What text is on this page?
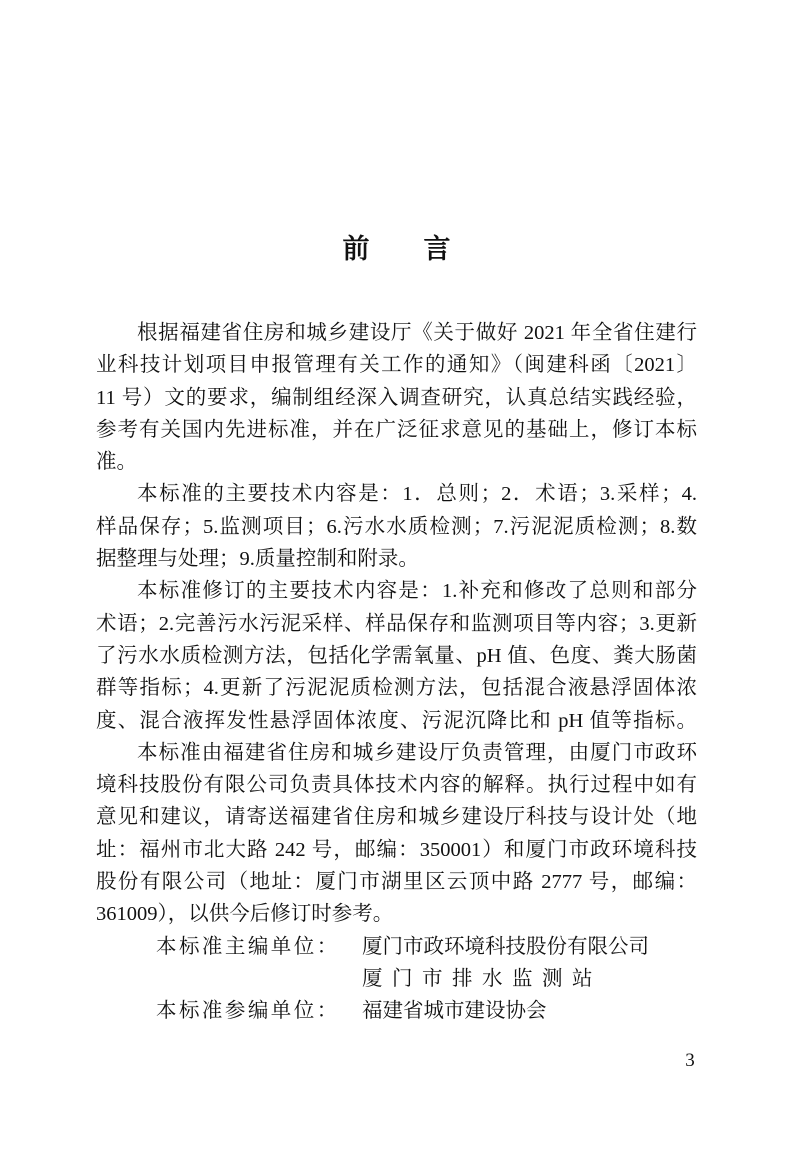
前　　言
根据福建省住房和城乡建设厅《关于做好 2021 年全省住建行
业科技计划项目申报管理有关工作的通知》（闽建科函〔2021〕
11 号）文的要求，编制组经深入调查研究，认真总结实践经验，
参考有关国内先进标准，并在广泛征求意见的基础上，修订本标
准。
本标准的主要技术内容是：1．总则；2．术语；3.采样；4.
样品保存；5.监测项目；6.污水水质检测；7.污泥泥质检测；8.数
据整理与处理；9.质量控制和附录。
本标准修订的主要技术内容是：1.补充和修改了总则和部分
术语；2.完善污水污泥采样、样品保存和监测项目等内容；3.更新
了污水水质检测方法，包括化学需氧量、pH 值、色度、粪大肠菌
群等指标；4.更新了污泥泥质检测方法，包括混合液悬浮固体浓
度、混合液挥发性悬浮固体浓度、污泥沉降比和 pH 值等指标。
本标准由福建省住房和城乡建设厅负责管理，由厦门市政环
境科技股份有限公司负责具体技术内容的解释。执行过程中如有
意见和建议，请寄送福建省住房和城乡建设厅科技与设计处（地
址：福州市北大路 242 号，邮编：350001）和厦门市政环境科技
股份有限公司（地址：厦门市湖里区云顶中路 2777 号，邮编：
361009），以供今后修订时参考。
本标准主编单位：	厦门市政环境科技股份有限公司
厦门市排水监测站
本标准参编单位：	福建省城市建设协会
3
